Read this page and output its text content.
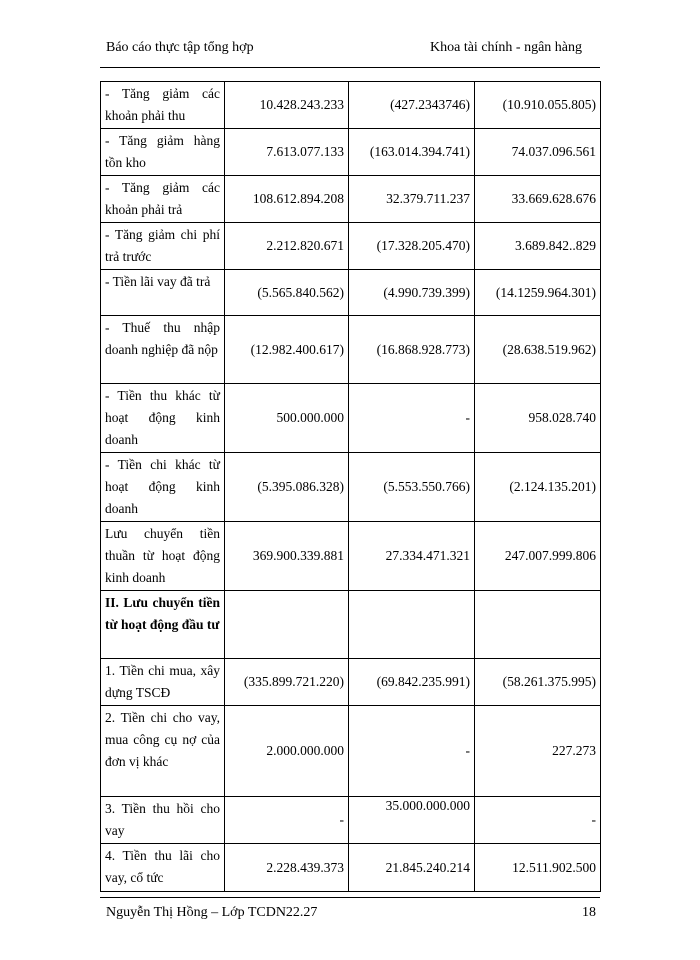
Báo cáo thực tập tổng hợp	Khoa tài chính - ngân hàng
- Tăng giảm các khoản phải thu	10.428.243.233	(427.2343746)	(10.910.055.805)
- Tăng giảm hàng tồn kho	7.613.077.133	(163.014.394.741)	74.037.096.561
- Tăng giảm các khoản phải trả	108.612.894.208	32.379.711.237	33.669.628.676
- Tăng giảm chi phí trả trước	2.212.820.671	(17.328.205.470)	3.689.842..829
- Tiền lãi vay đã trả	(5.565.840.562)	(4.990.739.399)	(14.1259.964.301)
- Thuế thu nhập doanh nghiệp đã nộp	(12.982.400.617)	(16.868.928.773)	(28.638.519.962)
- Tiền thu khác từ hoạt động kinh doanh	500.000.000	-	958.028.740
- Tiền chi khác từ hoạt động kinh doanh	(5.395.086.328)	(5.553.550.766)	(2.124.135.201)
Lưu chuyển tiền thuần từ hoạt động kinh doanh	369.900.339.881	27.334.471.321	247.007.999.806
II. Lưu chuyển tiền từ hoạt động đầu tư			
1. Tiền chi mua, xây dựng TSCĐ	(335.899.721.220)	(69.842.235.991)	(58.261.375.995)
2. Tiền chi cho vay, mua công cụ nợ của đơn vị khác	2.000.000.000	-	227.273
3. Tiền thu hồi cho vay	-	35.000.000.000	-
4. Tiền thu lãi cho vay, cổ tức	2.228.439.373	21.845.240.214	12.511.902.500
Nguyễn Thị Hồng – Lớp TCDN22.27	18
